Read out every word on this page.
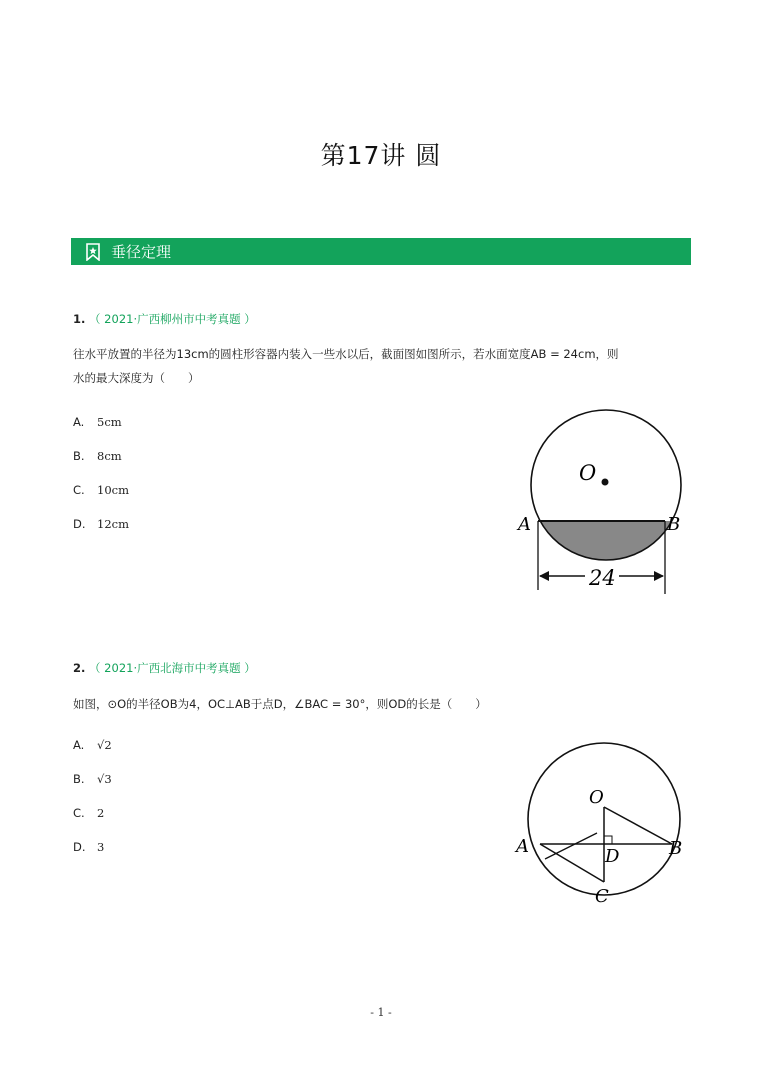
第17讲 圆
垂径定理
1. （ 2021·广西柳州市中考真题 ）
往水平放置的半径为13cm的圆柱形容器内装入一些水以后，截面图如图所示，若水面宽度AB = 24cm，则
水的最大深度为（　　）
A. 5cm
B. 8cm
C. 10cm
D. 12cm
O
A	B
24
2. （ 2021·广西北海市中考真题 ）
如图，⊙O的半径OB为4，OC⊥AB于点D，∠BAC = 30°，则OD的长是（　　）
A. √2
B. √3
C. 2
D. 3
O
A	B
C
D
- 1 -
